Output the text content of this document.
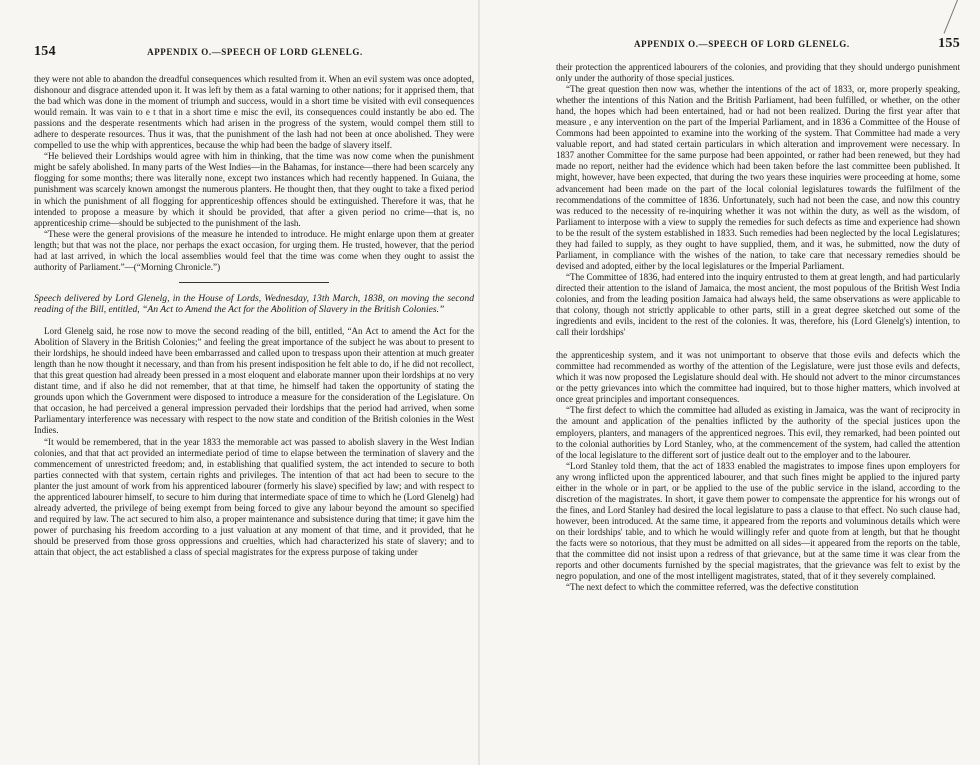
154	APPENDIX O.—SPEECH OF LORD GLENELG.

they were not able to abandon the dreadful consequences which resulted from it. When an evil system was once adopted, dishonour and disgrace attended upon it. It was left by them as a fatal warning to other nations; for it apprised them, that the bad which was done in the moment of triumph and success, would in a short time be visited with evil consequences would remain. It was vain to e t that in a short time e misc the evil, its consequences could instantly be abo ed. The passions and the desperate resentments which had arisen in the progress of the system, would compel them still to adhere to desperate resources. Thus it was, that the punishment of the lash had not been at once abolished. They were compelled to use the whip with apprentices, because the whip had been the badge of slavery itself.

“He believed their Lordships would agree with him in thinking, that the time was now come when the punishment might be safely abolished. In many parts of the West Indies—in the Bahamas, for instance—there had been scarcely any flogging for some months; there was literally none, except two instances which had recently happened. In Guiana, the punishment was scarcely known amongst the numerous planters. He thought then, that they ought to take a fixed period in which the punishment of all flogging for apprenticeship offences should be extinguished. Therefore it was, that he intended to propose a measure by which it should be provided, that after a given period no crime—that is, no apprenticeship crime—should be subjected to the punishment of the lash.

“These were the general provisions of the measure he intended to introduce. He might enlarge upon them at greater length; but that was not the place, nor perhaps the exact occasion, for urging them. He trusted, however, that the period had at last arrived, in which the local assemblies would feel that the time was come when they ought to assist the authority of Parliament.”—(“Morning Chronicle.”)

Speech delivered by Lord Glenelg, in the House of Lords, Wednesday, 13th March, 1838, on moving the second reading of the Bill, entitled, “An Act to Amend the Act for the Abolition of Slavery in the British Colonies.”

Lord Glenelg said, he rose now to move the second reading of the bill, entitled, “An Act to amend the Act for the Abolition of Slavery in the British Colonies;” and feeling the great importance of the subject he was about to present to their lordships, he should indeed have been embarrassed and called upon to trespass upon their attention at much greater length than he now thought it necessary, and than from his present indisposition he felt able to do, if he did not recollect, that this great question had already been pressed in a most eloquent and elaborate manner upon their lordships at no very distant time, and if also he did not remember, that at that time, he himself had taken the opportunity of stating the grounds upon which the Government were disposed to introduce a measure for the consideration of the Legislature. On that occasion, he had perceived a general impression pervaded their lordships that the period had arrived, when some Parliamentary interference was necessary with respect to the now state and condition of the British colonies in the West Indies.

“It would be remembered, that in the year 1833 the memorable act was passed to abolish slavery in the West Indian colonies, and that that act provided an intermediate period of time to elapse between the termination of slavery and the commencement of unrestricted freedom; and, in establishing that qualified system, the act intended to secure to both parties connected with that system, certain rights and privileges. The intention of that act had been to secure to the planter the just amount of work from his apprenticed labourer (formerly his slave) specified by law; and with respect to the apprenticed labourer himself, to secure to him during that intermediate space of time to which he (Lord Glenelg) had already adverted, the privilege of being exempt from being forced to give any labour beyond the amount so specified and required by law. The act secured to him also, a proper maintenance and subsistence during that time; it gave him the power of purchasing his freedom according to a just valuation at any moment of that time, and it provided, that he should be preserved from those gross oppressions and cruelties, which had characterized his state of slavery; and to attain that object, the act established a class of special magistrates for the express purpose of taking under

APPENDIX O.—SPEECH OF LORD GLENELG.	155

their protection the apprenticed labourers of the colonies, and providing that they should undergo punishment only under the authority of those special justices.

“The great question then now was, whether the intentions of the act of 1833, or, more properly speaking, whether the intentions of this Nation and the British Parliament, had been fulfilled, or whether, on the other hand, the hopes which had been entertained, had or had not been realized. During the first year after that measure , e any intervention on the part of the Imperial Parliament, and in 1836 a Committee of the House of Commons had been appointed to examine into the working of the system. That Committee had made a very valuable report, and had stated certain particulars in which alteration and improvement were necessary. In 1837 another Committee for the same purpose had been appointed, or rather had been renewed, but they had made no report, neither had the evidence which had been taken before the last committee been published. It might, however, have been expected, that during the two years these inquiries were proceeding at home, some advancement had been made on the part of the local colonial legislatures towards the fulfilment of the recommendations of the committee of 1836. Unfortunately, such had not been the case, and now this country was reduced to the necessity of re-inquiring whether it was not within the duty, as well as the wisdom, of Parliament to interpose with a view to supply the remedies for such defects as time and experience had shown to be the result of the system established in 1833. Such remedies had been neglected by the local Legislatures; they had failed to supply, as they ought to have supplied, them, and it was, he submitted, now the duty of Parliament, in compliance with the wishes of the nation, to take care that necessary remedies should be devised and adopted, either by the local legislatures or the Imperial Parliament.

“The Committee of 1836, had entered into the inquiry entrusted to them at great length, and had particularly directed their attention to the island of Jamaica, the most ancient, the most populous of the British West India colonies, and from the leading position Jamaica had always held, the same observations as were applicable to that colony, though not strictly applicable to other parts, still in a great degree sketched out some of the ingredients and evils, incident to the rest of the colonies. It was, therefore, his (Lord Glenelg's) intention, to call their lordships'

the apprenticeship system, and it was not unimportant to observe that those evils and defects which the committee had recommended as worthy of the attention of the Legislature, were just those evils and defects, which it was now proposed the Legislature should deal with. He should not advert to the minor circumstances or the petty grievances into which the committee had inquired, but to those higher matters, which involved at once great principles and important consequences.

“The first defect to which the committee had alluded as existing in Jamaica, was the want of reciprocity in the amount and application of the penalties inflicted by the authority of the special justices upon the employers, planters, and managers of the apprenticed negroes. This evil, they remarked, had been pointed out to the colonial authorities by Lord Stanley, who, at the commencement of the system, had called the attention of the local legislature to the different sort of justice dealt out to the employer and to the labourer.

“Lord Stanley told them, that the act of 1833 enabled the magistrates to impose fines upon employers for any wrong inflicted upon the apprenticed labourer, and that such fines might be applied to the injured party either in the whole or in part, or be applied to the use of the public service in the island, according to the discretion of the magistrates. In short, it gave them power to compensate the apprentice for his wrongs out of the fines, and Lord Stanley had desired the local legislature to pass a clause to that effect. No such clause had, however, been introduced. At the same time, it appeared from the reports and voluminous details which were on their lordships' table, and to which he would willingly refer and quote from at length, but that he thought the facts were so notorious, that they must be admitted on all sides—it appeared from the reports on the table, that the committee did not insist upon a redress of that grievance, but at the same time it was clear from the reports and other documents furnished by the special magistrates, that the grievance was felt to exist by the negro population, and one of the most intelligent magistrates, stated, that of it they severely complained.

“The next defect to which the committee referred, was the defective constitution
